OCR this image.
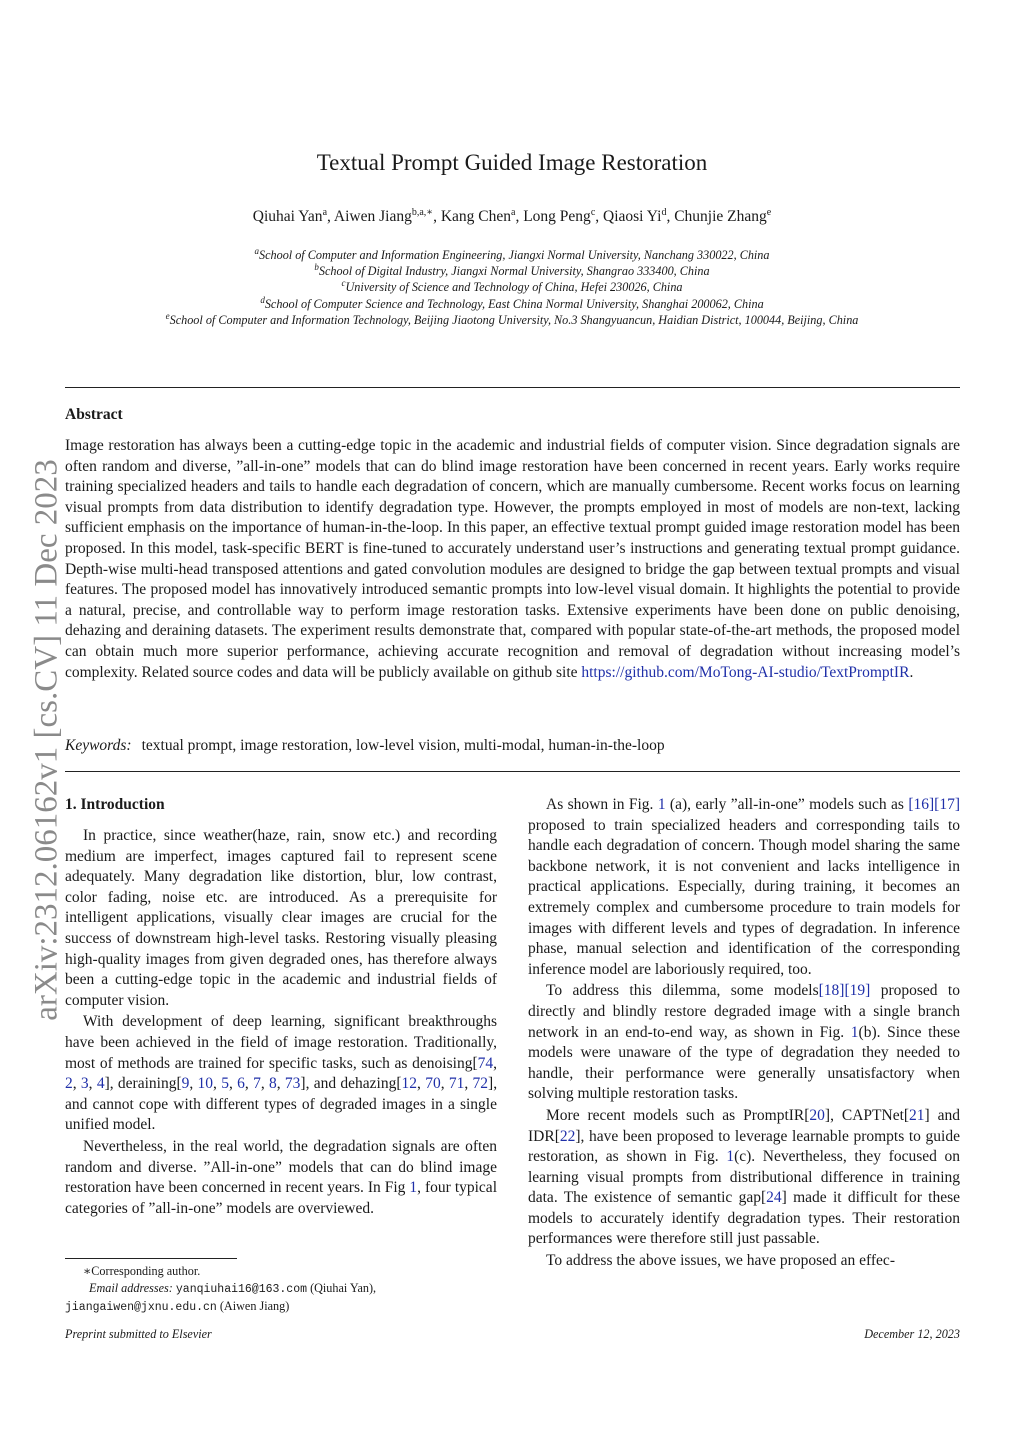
arXiv:2312.06162v1 [cs.CV] 11 Dec 2023
Textual Prompt Guided Image Restoration
Qiuhai Yan$^a$, Aiwen Jiang$^{b,a,∗}$, Kang Chen$^a$, Long Peng$^c$, Qiaosi Yi$^d$, Chunjie Zhang$^e$
$^a$School of Computer and Information Engineering, Jiangxi Normal University, Nanchang 330022, China
$^b$School of Digital Industry, Jiangxi Normal University, Shangrao 333400, China
$^c$University of Science and Technology of China, Hefei 230026, China
$^d$School of Computer Science and Technology, East China Normal University, Shanghai 200062, China
$^e$School of Computer and Information Technology, Beijing Jiaotong University, No.3 Shangyuancun, Haidian District, 100044, Beijing, China
Abstract
Image restoration has always been a cutting-edge topic in the academic and industrial fields of computer vision. Since degradation signals are often random and diverse, ”all-in-one” models that can do blind image restoration have been concerned in recent years. Early works require training specialized headers and tails to handle each degradation of concern, which are manually cumbersome. Recent works focus on learning visual prompts from data distribution to identify degradation type. However, the prompts employed in most of models are non-text, lacking sufficient emphasis on the importance of human-in-the-loop. In this paper, an effective textual prompt guided image restoration model has been proposed. In this model, task-specific BERT is fine-tuned to accurately understand user’s instructions and generating textual prompt guidance. Depth-wise multi-head transposed attentions and gated convolution modules are designed to bridge the gap between textual prompts and visual features. The proposed model has innovatively introduced semantic prompts into low-level visual domain. It highlights the potential to provide a natural, precise, and controllable way to perform image restoration tasks. Extensive experiments have been done on public denoising, dehazing and deraining datasets. The experiment results demonstrate that, compared with popular state-of-the-art methods, the proposed model can obtain much more superior performance, achieving accurate recognition and removal of degradation without increasing model’s complexity. Related source codes and data will be publicly available on github site https://github.com/MoTong-AI-studio/TextPromptIR.
Keywords: textual prompt, image restoration, low-level vision, multi-modal, human-in-the-loop
1. Introduction

In practice, since weather(haze, rain, snow etc.) and recording medium are imperfect, images captured fail to represent scene adequately. Many degradation like distortion, blur, low contrast, color fading, noise etc. are introduced. As a prerequisite for intelligent applications, visually clear images are crucial for the success of downstream high-level tasks. Restoring visually pleasing high-quality images from given degraded ones, has therefore always been a cutting-edge topic in the academic and industrial fields of computer vision.

With development of deep learning, significant breakthroughs have been achieved in the field of image restoration. Traditionally, most of methods are trained for specific tasks, such as denoising[74, 2, 3, 4], deraining[9, 10, 5, 6, 7, 8, 73], and dehazing[12, 70, 71, 72], and cannot cope with different types of degraded images in a single unified model.

Nevertheless, in the real world, the degradation signals are often random and diverse. ”All-in-one” models that can do blind image restoration have been concerned in recent years. In Fig 1, four typical categories of ”all-in-one” models are overviewed.

As shown in Fig. 1 (a), early ”all-in-one” models such as [16][17] proposed to train specialized headers and corresponding tails to handle each degradation of concern. Though model sharing the same backbone network, it is not convenient and lacks intelligence in practical applications. Especially, during training, it becomes an extremely complex and cumbersome procedure to train models for images with different levels and types of degradation. In inference phase, manual selection and identification of the corresponding inference model are laboriously required, too.

To address this dilemma, some models[18][19] proposed to directly and blindly restore degraded image with a single branch network in an end-to-end way, as shown in Fig. 1(b). Since these models were unaware of the type of degradation they needed to handle, their performance were generally unsatisfactory when solving multiple restoration tasks.

More recent models such as PromptIR[20], CAPTNet[21] and IDR[22], have been proposed to leverage learnable prompts to guide restoration, as shown in Fig. 1(c). Nevertheless, they focused on learning visual prompts from distributional difference in training data. The existence of semantic gap[24] made it difficult for these models to accurately identify degradation types. Their restoration performances were therefore still just passable.

To address the above issues, we have proposed an effec-

∗Corresponding author.
Email addresses: yanqiuhai16@163.com (Qiuhai Yan),
jiangaiwen@jxnu.edu.cn (Aiwen Jiang)
Preprint submitted to Elsevier	December 12, 2023
